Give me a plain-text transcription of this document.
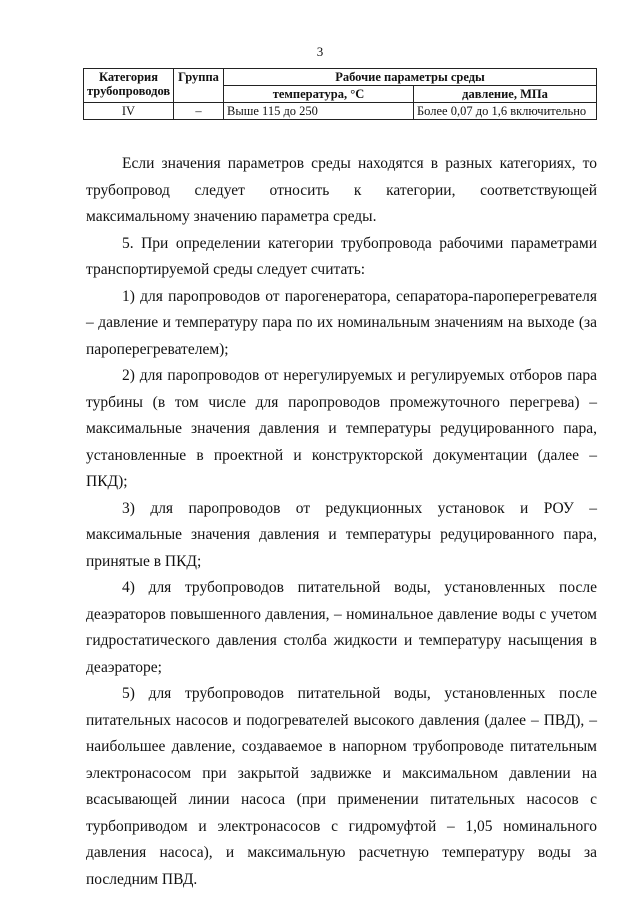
3
Категория трубопроводов	Группа	Рабочие параметры среды	
		температура, °С	давление, МПа
IV	–	Выше 115 до 250	Более 0,07 до 1,6 включительно

Если значения параметров среды находятся в разных категориях, то трубопровод следует относить к категории, соответствующей максимальному значению параметра среды.

5. При определении категории трубопровода рабочими параметрами транспортируемой среды следует считать:

1) для паропроводов от парогенератора, сепаратора-пароперегревателя – давление и температуру пара по их номинальным значениям на выходе (за пароперегревателем);

2) для паропроводов от нерегулируемых и регулируемых отборов пара турбины (в том числе для паропроводов промежуточного перегрева) – максимальные значения давления и температуры редуцированного пара, установленные в проектной и конструкторской документации (далее – ПКД);

3) для паропроводов от редукционных установок и РОУ – максимальные значения давления и температуры редуцированного пара, принятые в ПКД;

4) для трубопроводов питательной воды, установленных после деаэраторов повышенного давления, – номинальное давление воды с учетом гидростатического давления столба жидкости и температуру насыщения в деаэраторе;

5) для трубопроводов питательной воды, установленных после питательных насосов и подогревателей высокого давления (далее – ПВД), – наибольшее давление, создаваемое в напорном трубопроводе питательным электронасосом при закрытой задвижке и максимальном давлении на всасывающей линии насоса (при применении питательных насосов с турбоприводом и электронасосов с гидромуфтой – 1,05 номинального давления насоса), и максимальную расчетную температуру воды за последним ПВД.
